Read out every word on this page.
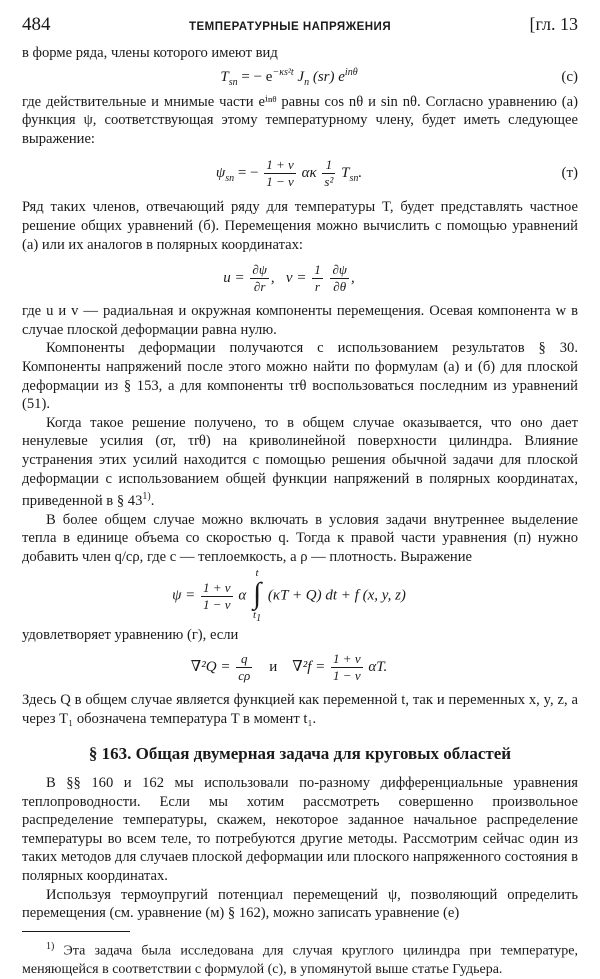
484	ТЕМПЕРАТУРНЫЕ НАПРЯЖЕНИЯ	[гл. 13

в форме ряда, члены которого имеют вид

$T_{sn}$ = − $e^{-\kappa s^2t}$ $J_n$ (sr) $e^{in\theta}$	(с)

где действительные и мнимые части eⁱⁿᶿ равны cos nθ и sin nθ. Согласно уравнению (а) функция ψ, соответствующая этому температурному члену, будет иметь следующее выражение:

$\psi_{sn}$ = − $\frac{1 + \nu}{1 - \nu}$ ακ $\frac{1}{\text{s²}} T_{sn}$.	(т)

Ряд таких членов, отвечающий ряду для температуры T, будет представлять частное решение общих уравнений (б). Перемещения можно вычислить с помощью уравнений (а) или их аналогов в полярных координатах:

$u = \frac{\partial\psi}{\partial r}$ , $v = \frac{1}{r}$
$\frac{\partial\psi}{\partial\theta}$ ,

где u и v — радиальная и окружная компоненты перемещения. Осевая компонента w в случае плоской деформации равна нулю.

Компоненты деформации получаются с использованием результатов § 30. Компоненты напряжений после этого можно найти по формулам (а) и (б) для плоской деформации из § 153, а для компоненты τrθ воспользоваться последним из уравнений (51).

Когда такое решение получено, то в общем случае оказывается, что оно дает ненулевые усилия (σr, τrθ) на криволинейной поверхности цилиндра. Влияние устранения этих усилий находится с помощью решения обычной задачи для плоской деформации с использованием общей функции напряжений в полярных координатах, приведенной в § 43$^{1)}$.

В более общем случае можно включать в условия задачи внутреннее выделение тепла в единице объема со скоростью q. Тогда к правой части уравнения (п) нужно добавить член q/cρ, где c — теплоемкость, а ρ — плотность. Выражение

$\psi = \frac{1 + \nu}{1 - \nu}$ α
t
∫
$t_1$
(κT + Q) dt + f (x, y, z)

удовлетворяет уравнению (г), если

$\nabla^2Q = \frac{q}{c\rho}$ и $\nabla^2f = \frac{1 + \nu}{1 - \nu} \alpha T$.

Здесь Q в общем случае является функцией как переменной t, так и переменных x, y, z, а через T₁ обозначена температура T в момент t₁.

§ 163. Общая двумерная задача для круговых областей

В §§ 160 и 162 мы использовали по-разному дифференциальные уравнения теплопроводности. Если мы хотим рассмотреть совершенно произвольное распределение температуры, скажем, некоторое заданное начальное распределение температуры во всем теле, то потребуются другие методы. Рассмотрим сейчас один из таких методов для случаев плоской деформации или плоского напряженного состояния в полярных координатах.

Используя термоупругий потенциал перемещений ψ, позволяющий определить перемещения (см. уравнение (м) § 162), можно записать уравнение (е)

$^{1)}$ Эта задача была исследована для случая круглого цилиндра при температуре, меняющейся в соответствии с формулой (с), в упомянутой выше статье Гудьера.
